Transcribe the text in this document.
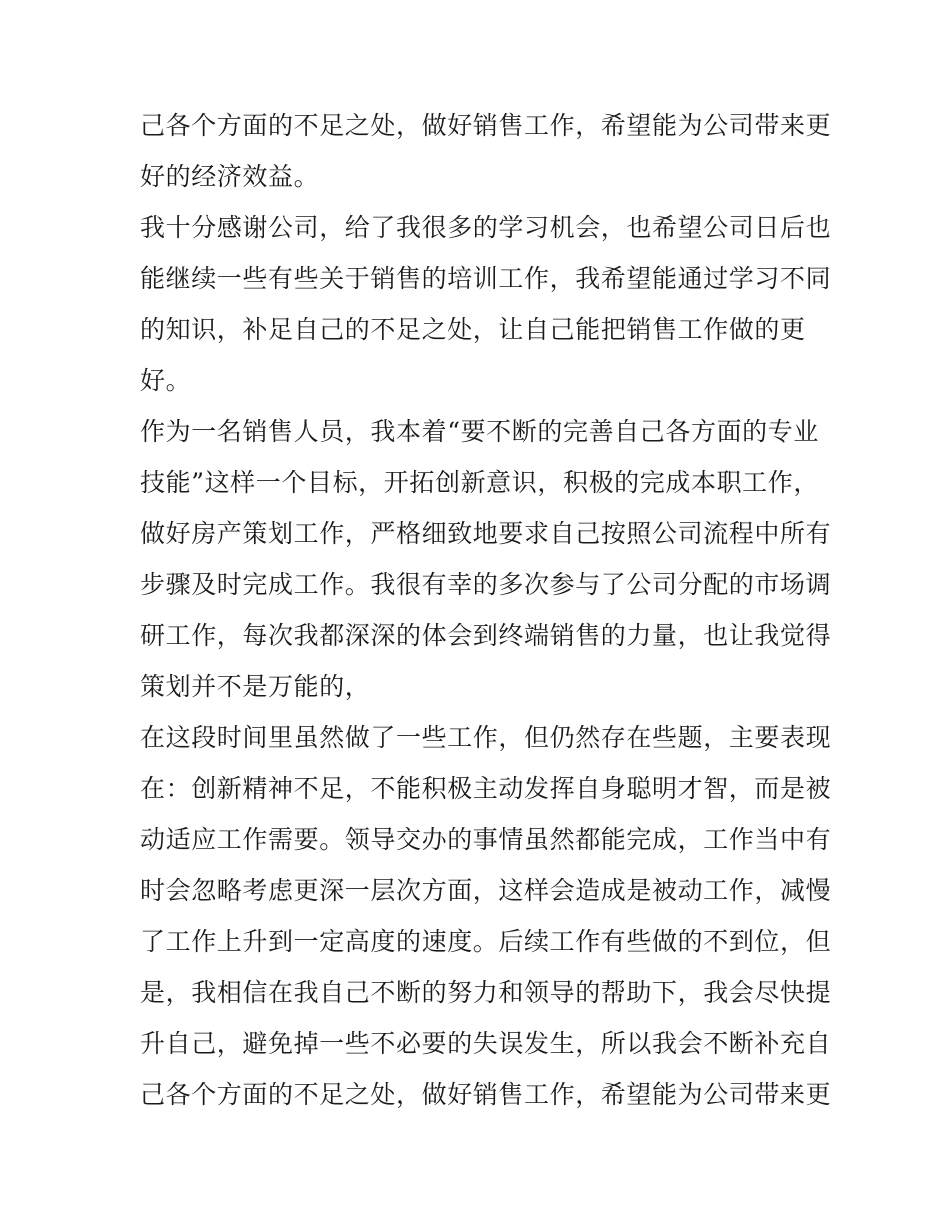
己各个方面的不足之处，做好销售工作，希望能为公司带来更

好的经济效益。

我十分感谢公司，给了我很多的学习机会，也希望公司日后也

能继续一些有些关于销售的培训工作，我希望能通过学习不同

的知识，补足自己的不足之处，让自己能把销售工作做的更

好。

作为一名销售人员，我本着“要不断的完善自己各方面的专业

技能”这样一个目标，开拓创新意识，积极的完成本职工作，

做好房产策划工作，严格细致地要求自己按照公司流程中所有

步骤及时完成工作。我很有幸的多次参与了公司分配的市场调

研工作，每次我都深深的体会到终端销售的力量，也让我觉得

策划并不是万能的，

在这段时间里虽然做了一些工作，但仍然存在些题，主要表现

在：创新精神不足，不能积极主动发挥自身聪明才智，而是被

动适应工作需要。领导交办的事情虽然都能完成，工作当中有

时会忽略考虑更深一层次方面，这样会造成是被动工作，减慢

了工作上升到一定高度的速度。后续工作有些做的不到位，但

是，我相信在我自己不断的努力和领导的帮助下，我会尽快提

升自己，避免掉一些不必要的失误发生，所以我会不断补充自

己各个方面的不足之处，做好销售工作，希望能为公司带来更
